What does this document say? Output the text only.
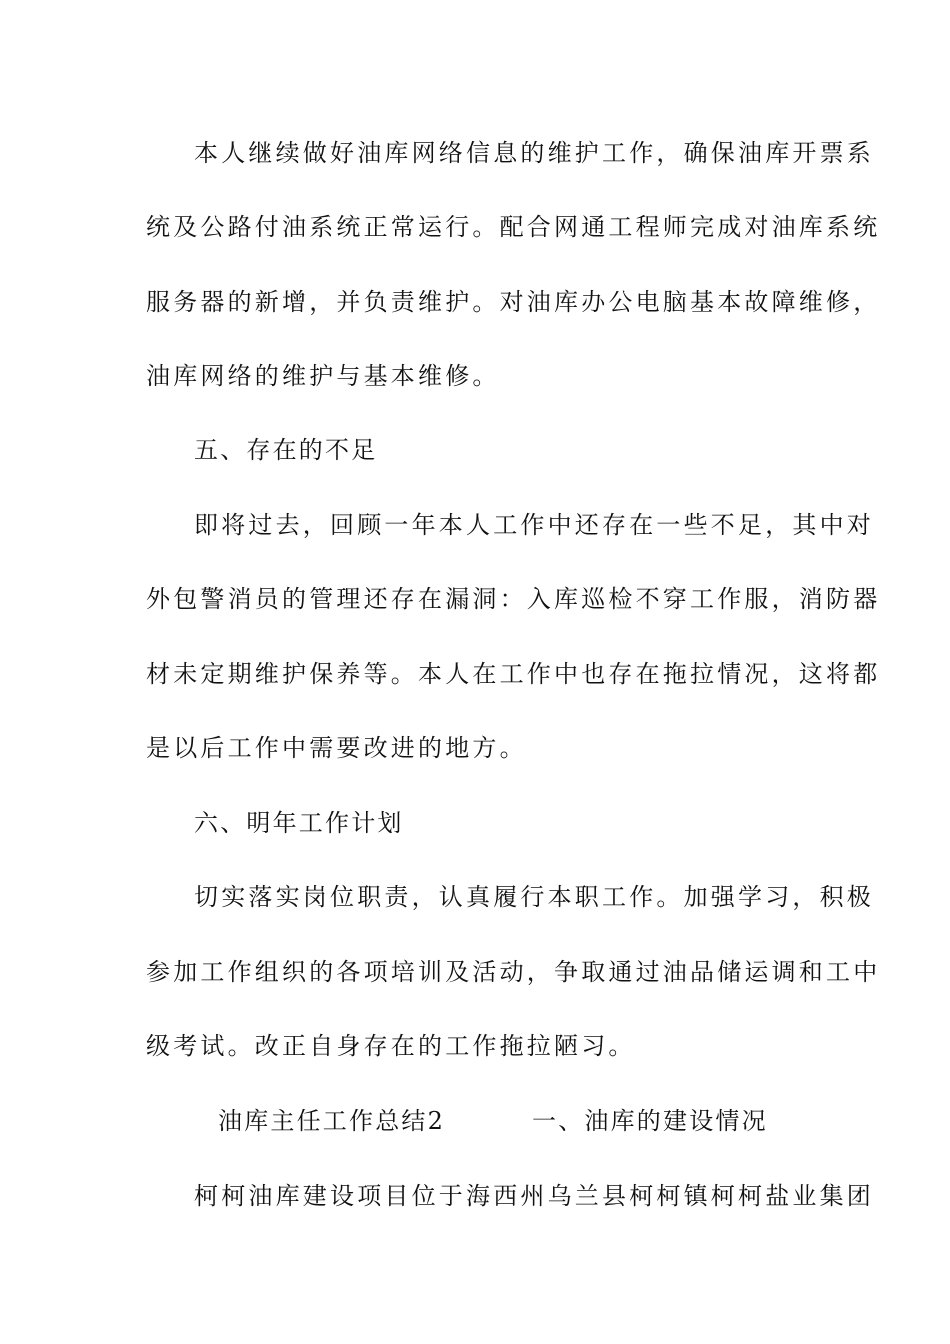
本人继续做好油库网络信息的维护工作，确保油库开票系
统及公路付油系统正常运行。配合网通工程师完成对油库系统
服务器的新增，并负责维护。对油库办公电脑基本故障维修，
油库网络的维护与基本维修。
五、存在的不足
即将过去，回顾一年本人工作中还存在一些不足，其中对
外包警消员的管理还存在漏洞：入库巡检不穿工作服，消防器
材未定期维护保养等。本人在工作中也存在拖拉情况，这将都
是以后工作中需要改进的地方。
六、明年工作计划
切实落实岗位职责，认真履行本职工作。加强学习，积极
参加工作组织的各项培训及活动，争取通过油品储运调和工中
级考试。改正自身存在的工作拖拉陋习。
油库主任工作总结2	一、油库的建设情况
柯柯油库建设项目位于海西州乌兰县柯柯镇柯柯盐业集团
